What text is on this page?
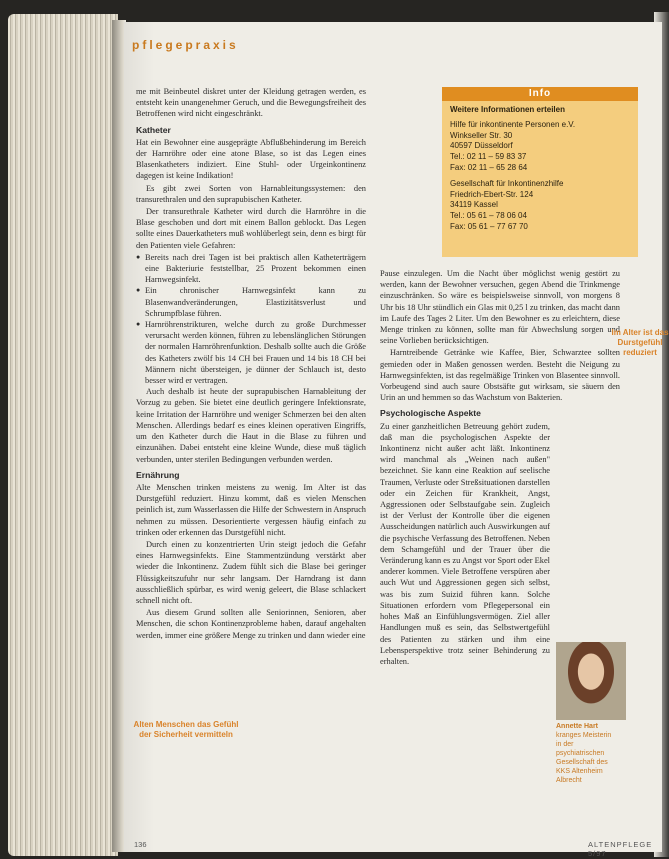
pflegepraxis

me mit Beinbeutel diskret unter der Kleidung getragen werden, es entsteht kein unangenehmer Geruch, und die Bewegungsfreiheit des Betroffenen wird nicht eingeschränkt.

Katheter

Hat ein Bewohner eine ausgeprägte Abflußbehinderung im Bereich der Harnröhre oder eine atone Blase, so ist das Legen eines Blasenkatheters indiziert. Eine Stuhl- oder Urgeinkontinenz dagegen ist keine Indikation!

Es gibt zwei Sorten von Harnableitungssystemen: den transurethralen und den suprapubischen Katheter.

Der transurethrale Katheter wird durch die Harnröhre in die Blase geschoben und dort mit einem Ballon geblockt. Das Legen sollte eines Dauerkatheters muß wohlüberlegt sein, denn es birgt für den Patienten viele Gefahren:

● Bereits nach drei Tagen ist bei praktisch allen Katheterträgern eine Bakteriurie feststellbar, 25 Prozent bekommen einen Harnwegsinfekt.
● Ein chronischer Harnwegsinfekt kann zu Blasenwandveränderungen, Elastizitätsverlust und Schrumpfblase führen.
● Harnröhrenstrikturen, welche durch zu große Durchmesser verursacht werden können, führen zu lebenslänglichen Störungen der normalen Harnröhrenfunktion. Deshalb sollte auch die Größe des Katheters zwölf bis 14 CH bei Frauen und 14 bis 18 CH bei Männern nicht übersteigen, je dünner der Schlauch ist, desto besser wird er vertragen.

Auch deshalb ist heute der suprapubischen Harnableitung der Vorzug zu geben. Sie bietet eine deutlich geringere Infektionsrate, keine Irritation der Harnröhre und weniger Schmerzen bei den alten Menschen. Allerdings bedarf es eines kleinen operativen Eingriffs, um den Katheter durch die Haut in die Blase zu führen und einzunähen. Dabei entsteht eine kleine Wunde, diese muß täglich verbunden, unter sterilen Bedingungen verbunden werden.

Ernährung

Alte Menschen trinken meistens zu wenig. Im Alter ist das Durstgefühl reduziert. Hinzu kommt, daß es vielen Menschen peinlich ist, zum Wasserlassen die Hilfe der Schwestern in Anspruch nehmen zu müssen. Desorientierte vergessen häufig einfach zu trinken oder erkennen das Durstgefühl nicht.

Durch einen zu konzentrierten Urin steigt jedoch die Gefahr eines Harnwegsinfekts. Eine Stammentzündung verstärkt aber wieder die Inkontinenz. Zudem fühlt sich die Blase bei geringer Flüssigkeitszufuhr nur sehr langsam. Der Harndrang ist dann ausschließlich spürbar, es wird wenig geleert, die Blase schlackert schnell nicht oft.

Aus diesem Grund sollten alle Seniorinnen, Senioren, aber Menschen, die schon Kontinenzprobleme haben, darauf angehalten werden, immer eine größere Menge zu trinken und dann wieder eine

Info
Weitere Informationen erteilen
Hilfe für inkontinente Personen e.V.
Winkseller Str. 30
40597 Düsseldorf
Tel.: 02 11 – 59 83 37
Fax: 02 11 – 65 28 64
Gesellschaft für Inkontinenzhilfe
Friedrich-Ebert-Str. 124
34119 Kassel
Tel.: 05 61 – 78 06 04
Fax: 05 61 – 77 67 70

Pause einzulegen. Um die Nacht über möglichst wenig gestört zu werden, kann der Bewohner versuchen, gegen Abend die Trinkmenge einzuschränken. So wäre es beispielsweise sinnvoll, von morgens 8 Uhr bis 18 Uhr stündlich ein Glas mit 0,25 l zu trinken, das macht dann im Laufe des Tages 2 Liter. Um den Bewohner es zu erleichtern, diese Menge trinken zu können, sollte man für Abwechslung sorgen und seine Vorlieben berücksichtigen.

Harntreibende Getränke wie Kaffee, Bier, Schwarztee sollten gemieden oder in Maßen genossen werden. Besteht die Neigung zu Harnwegsinfekten, ist das regelmäßige Trinken von Blasentee sinnvoll. Vorbeugend sind auch saure Obstsäfte gut wirksam, sie säuern den Urin an und hemmen so das Wachstum von Bakterien.

Psychologische Aspekte

Zu einer ganzheitlichen Betreuung gehört zudem, daß man die psychologischen Aspekte der Inkontinenz nicht außer acht läßt. Inkontinenz wird manchmal als „Weinen nach außen" bezeichnet. Sie kann eine Reaktion auf seelische Traumen, Verluste oder Streßsituationen darstellen oder ein Zeichen für Krankheit, Angst, Aggressionen oder Selbstaufgabe sein. Zugleich ist der Verlust der Kontrolle über die eigenen Ausscheidungen natürlich auch Auswirkungen auf die psychische Verfassung des Betroffenen. Neben dem Schamgefühl und der Trauer über die Veränderung kann es zu Angst vor Sport oder Ekel anderer kommen. Viele Betroffene verspüren aber auch Wut und Aggressionen gegen sich selbst, was bis zum Suizid führen kann. Solche Situationen erfordern vom Pflegepersonal ein hohes Maß an Einfühlungsvermögen. Ziel aller Handlungen muß es sein, das Selbstwertgefühl des Patienten zu stärken und ihm eine Lebensperspektive trotz seiner Behinderung zu erhalten.

Im Alter ist das Durstgefühl reduziert
Alten Menschen das Gefühl der Sicherheit vermitteln
Annette Hart
kranges Meisterin in der psychiatrischen Gesellschaft des KKS Altenheim Albrecht
136	ALTENPFLEGE 5/97
